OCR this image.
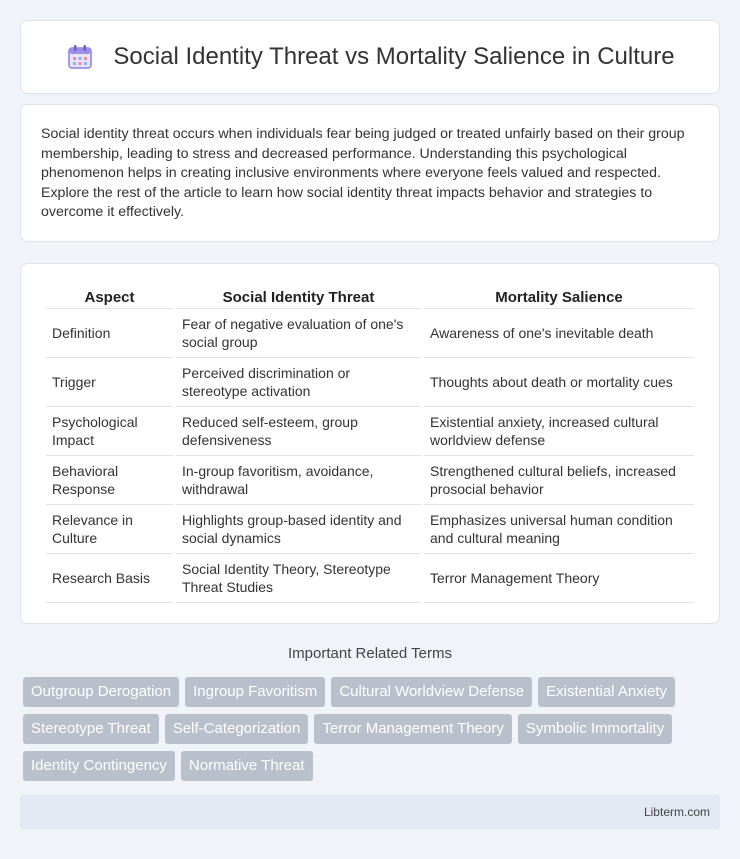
Social Identity Threat vs Mortality Salience in Culture

Social identity threat occurs when individuals fear being judged or treated unfairly based on their group membership, leading to stress and decreased performance. Understanding this psychological phenomenon helps in creating inclusive environments where everyone feels valued and respected. Explore the rest of the article to learn how social identity threat impacts behavior and strategies to overcome it effectively.

Aspect	Social Identity Threat	Mortality Salience
Definition	Fear of negative evaluation of one's social group	Awareness of one's inevitable death
Trigger	Perceived discrimination or stereotype activation	Thoughts about death or mortality cues
Psychological Impact	Reduced self-esteem, group defensiveness	Existential anxiety, increased cultural worldview defense
Behavioral Response	In-group favoritism, avoidance, withdrawal	Strengthened cultural beliefs, increased prosocial behavior
Relevance in Culture	Highlights group-based identity and social dynamics	Emphasizes universal human condition and cultural meaning
Research Basis	Social Identity Theory, Stereotype Threat Studies	Terror Management Theory
Important Related Terms
Outgroup Derogation	Ingroup Favoritism	Cultural Worldview Defense	Existential Anxiety
Stereotype Threat	Self-Categorization	Terror Management Theory	Symbolic Immortality
Identity Contingency	Normative Threat
Libterm.com
